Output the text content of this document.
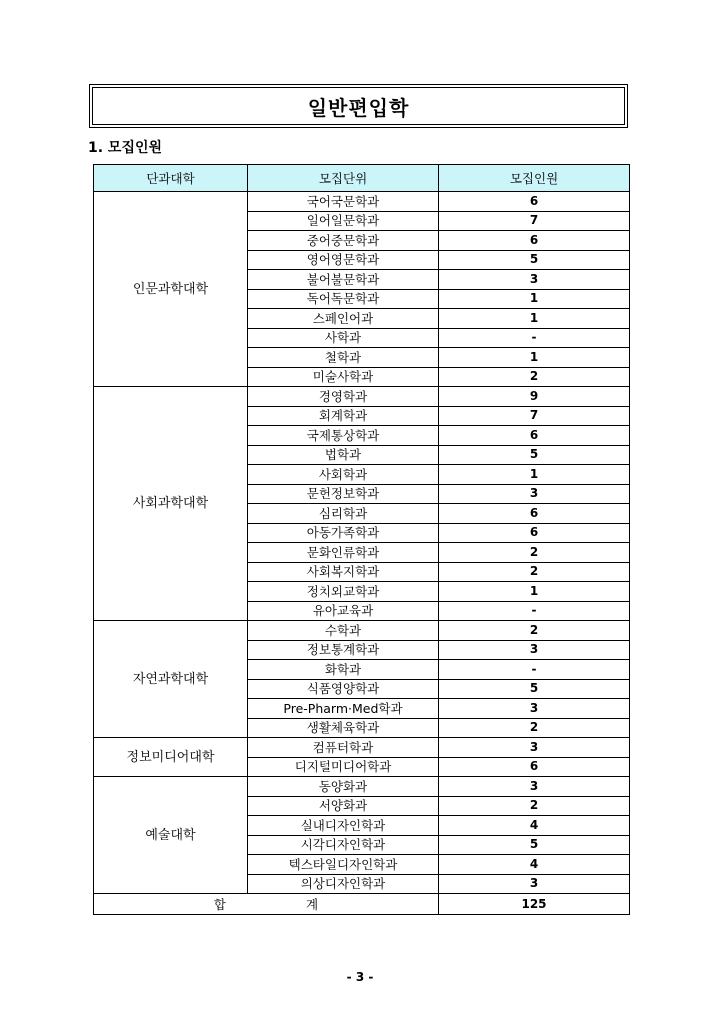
일반편입학
1. 모집인원
단과대학	모집단위	모집인원
인문과학대학	국어국문학과	6
	일어일문학과	7
	중어중문학과	6
	영어영문학과	5
	불어불문학과	3
	독어독문학과	1
	스페인어과	1
	사학과	-
	철학과	1
	미술사학과	2
사회과학대학	경영학과	9
	회계학과	7
	국제통상학과	6
	법학과	5
	사회학과	1
	문헌정보학과	3
	심리학과	6
	아동가족학과	6
	문화인류학과	2
	사회복지학과	2
	정치외교학과	1
	유아교육과	-
자연과학대학	수학과	2
	정보통계학과	3
	화학과	-
	식품영양학과	5
	Pre-Pharm·Med학과	3
	생활체육학과	2
정보미디어대학	컴퓨터학과	3
	디지털미디어학과	6
예술대학	동양화과	3
	서양화과	2
	실내디자인학과	4
	시각디자인학과	5
	텍스타일디자인학과	4
	의상디자인학과	3

합 계		125
- 3 -
